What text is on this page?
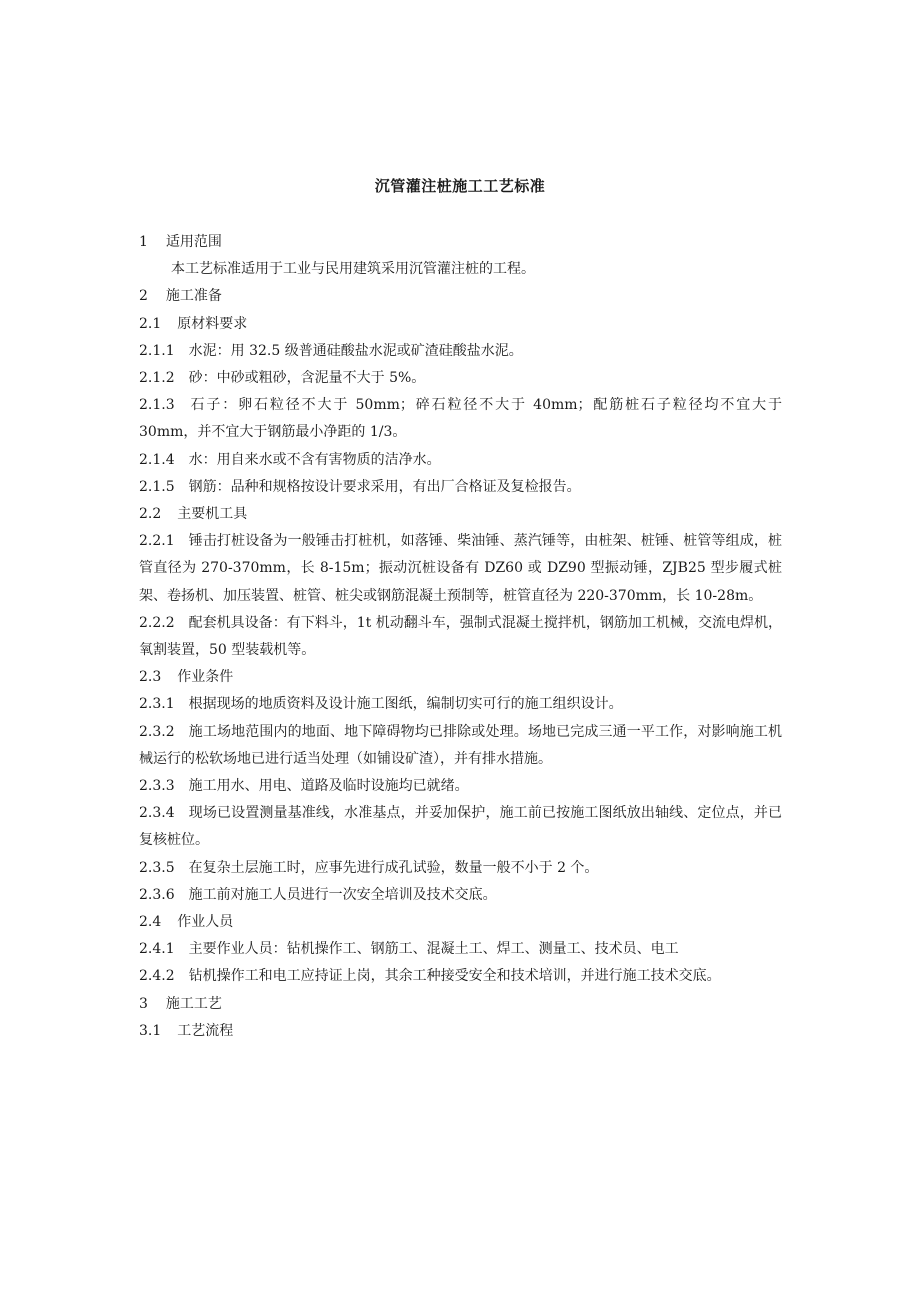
沉管灌注桩施工工艺标准

1 适用范围

本工艺标准适用于工业与民用建筑采用沉管灌注桩的工程。

2 施工准备

2.1 原材料要求

2.1.1 水泥：用 32.5 级普通硅酸盐水泥或矿渣硅酸盐水泥。

2.1.2 砂：中砂或粗砂，含泥量不大于 5%。

2.1.3 石子：卵石粒径不大于 50mm；碎石粒径不大于 40mm；配筋桩石子粒径均不宜大于 30mm，并不宜大于钢筋最小净距的 1/3。

2.1.4 水：用自来水或不含有害物质的洁净水。

2.1.5 钢筋：品种和规格按设计要求采用，有出厂合格证及复检报告。

2.2 主要机工具

2.2.1 锤击打桩设备为一般锤击打桩机，如落锤、柴油锤、蒸汽锤等，由桩架、桩锤、桩管等组成，桩管直径为 270-370mm，长 8-15m；振动沉桩设备有 DZ60 或 DZ90 型振动锤，ZJB25 型步履式桩架、卷扬机、加压装置、桩管、桩尖或钢筋混凝土预制等，桩管直径为 220-370mm，长 10-28m。

2.2.2 配套机具设备：有下料斗，1t 机动翻斗车，强制式混凝土搅拌机，钢筋加工机械，交流电焊机，氧割装置，50 型装载机等。

2.3 作业条件

2.3.1 根据现场的地质资料及设计施工图纸，编制切实可行的施工组织设计。

2.3.2 施工场地范围内的地面、地下障碍物均已排除或处理。场地已完成三通一平工作，对影响施工机械运行的松软场地已进行适当处理（如铺设矿渣），并有排水措施。

2.3.3 施工用水、用电、道路及临时设施均已就绪。

2.3.4 现场已设置测量基准线，水准基点，并妥加保护，施工前已按施工图纸放出轴线、定位点，并已复核桩位。

2.3.5 在复杂土层施工时，应事先进行成孔试验，数量一般不小于 2 个。

2.3.6 施工前对施工人员进行一次安全培训及技术交底。

2.4 作业人员

2.4.1 主要作业人员：钻机操作工、钢筋工、混凝土工、焊工、测量工、技术员、电工

2.4.2 钻机操作工和电工应持证上岗，其余工种接受安全和技术培训，并进行施工技术交底。

3 施工工艺

3.1 工艺流程
